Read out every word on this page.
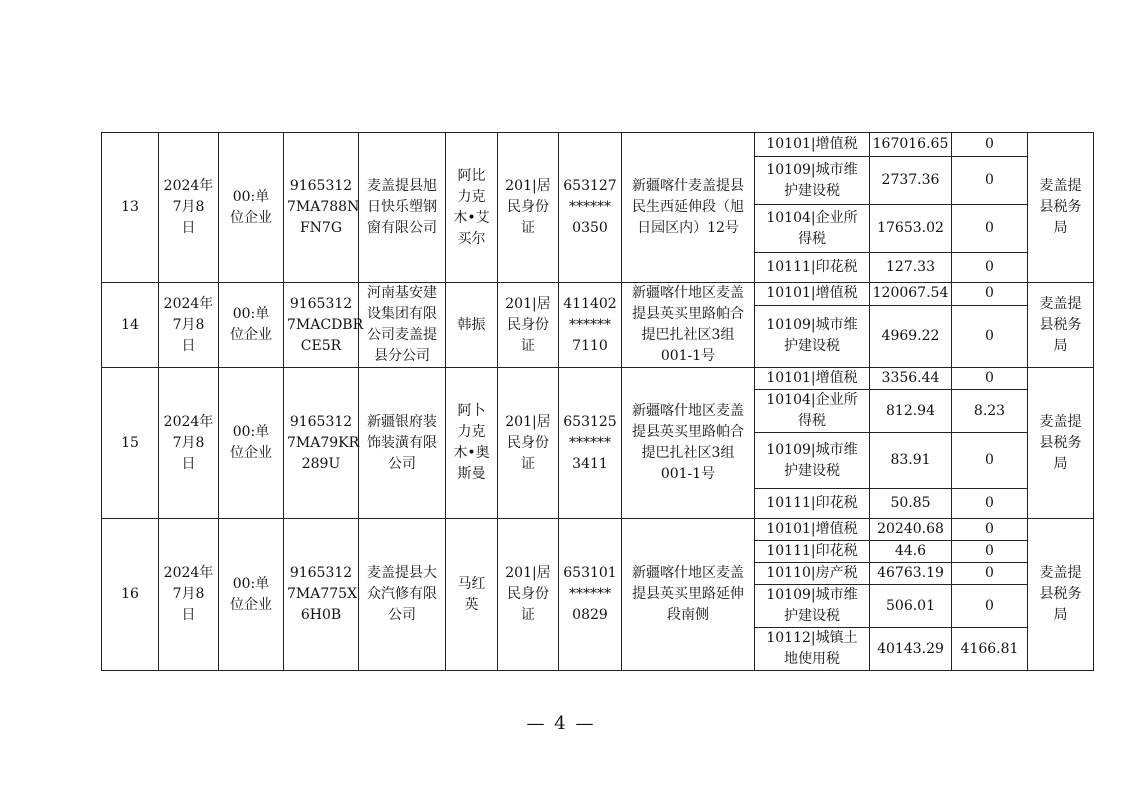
13	2024年
7月8
日	00:单
位企业	9165312
7MA788N
FN7G	麦盖提县旭
日快乐塑钢
窗有限公司	阿比
力克
木•艾
买尔	201|居
民身份
证	653127
******
0350	新疆喀什麦盖提县
民生西延伸段（旭
日园区内）12号	10101|增值税	167016.65	0	麦盖提
县税务
局
									10109|城市维
护建设税	2737.36	0	
									10104|企业所
得税	17653.02	0	
									10111|印花税	127.33	0	
14	2024年
7月8
日	00:单
位企业	9165312
7MACDBR
CE5R	河南基安建
设集团有限
公司麦盖提
县分公司	韩振	201|居
民身份
证	411402
******
7110	新疆喀什地区麦盖
提县英买里路帕合
提巴扎社区3组
001-1号	10101|增值税	120067.54	0	麦盖提
县税务
局
									10109|城市维
护建设税	4969.22	0	
15	2024年
7月8
日	00:单
位企业	9165312
7MA79KR
289U	新疆银府装
饰装潢有限
公司	阿卜
力克
木•奥
斯曼	201|居
民身份
证	653125
******
3411	新疆喀什地区麦盖
提县英买里路帕合
提巴扎社区3组
001-1号	10101|增值税	3356.44	0	麦盖提
县税务
局
									10104|企业所
得税	812.94	8.23	
									10109|城市维
护建设税	83.91	0	
									10111|印花税	50.85	0	
16	2024年
7月8
日	00:单
位企业	9165312
7MA775X
6H0B	麦盖提县大
众汽修有限
公司	马红
英	201|居
民身份
证	653101
******
0829	新疆喀什地区麦盖
提县英买里路延伸
段南侧	10101|增值税	20240.68	0	麦盖提
县税务
局
									10111|印花税	44.6	0	
									10110|房产税	46763.19	0	
									10109|城市维
护建设税	506.01	0	
									10112|城镇土
地使用税	40143.29	4166.81	
— 4 —
